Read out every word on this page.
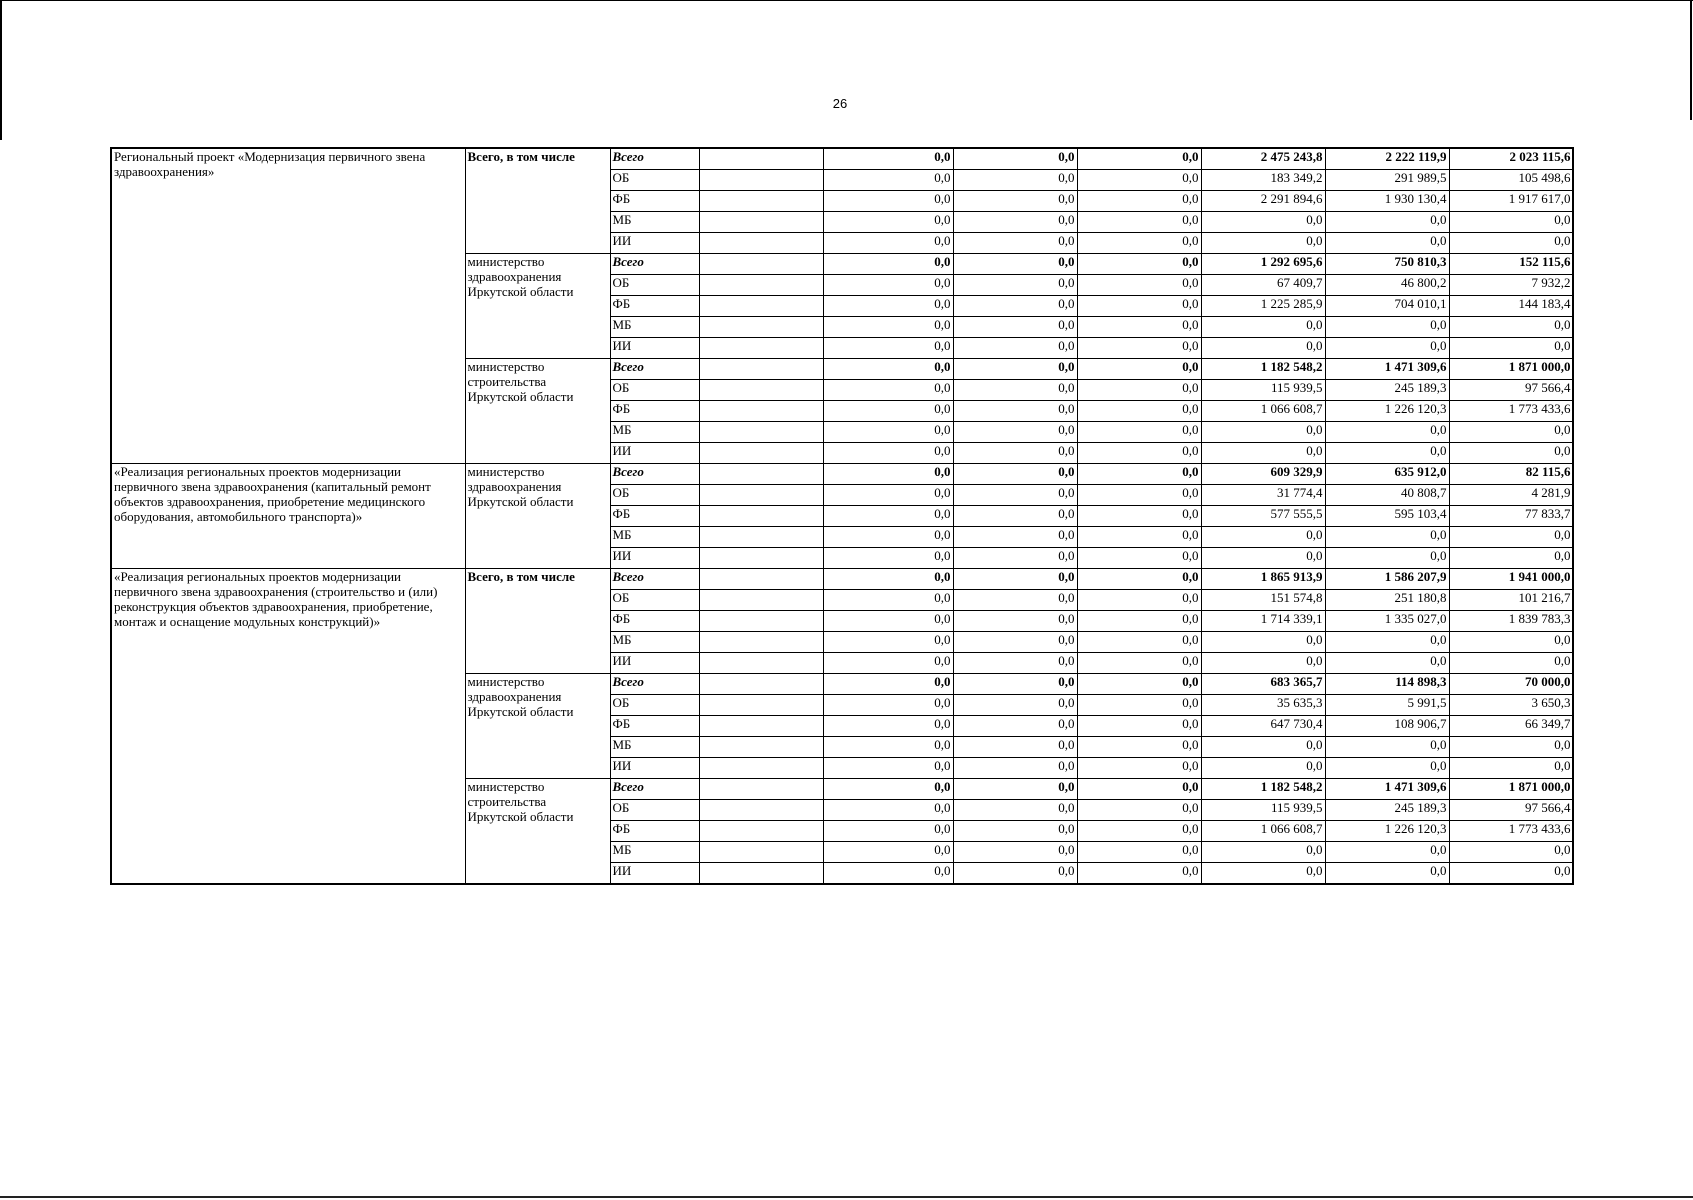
26
Региональный проект «Модернизация первичного звена здравоохранения»	Всего, в том числе	Всего		0,0	0,0	0,0	2 475 243,8	2 222 119,9	2 023 115,6	
		ОБ		0,0	0,0	0,0	183 349,2	291 989,5	105 498,6	
		ФБ		0,0	0,0	0,0	2 291 894,6	1 930 130,4	1 917 617,0	
		МБ		0,0	0,0	0,0	0,0	0,0	0,0	
		ИИ		0,0	0,0	0,0	0,0	0,0	0,0	
	министерство здравоохранения Иркутской области	Всего		0,0	0,0	0,0	1 292 695,6	750 810,3	152 115,6	
		ОБ		0,0	0,0	0,0	67 409,7	46 800,2	7 932,2	
		ФБ		0,0	0,0	0,0	1 225 285,9	704 010,1	144 183,4	
		МБ		0,0	0,0	0,0	0,0	0,0	0,0	
		ИИ		0,0	0,0	0,0	0,0	0,0	0,0	
	министерство строительства Иркутской области	Всего		0,0	0,0	0,0	1 182 548,2	1 471 309,6	1 871 000,0	
		ОБ		0,0	0,0	0,0	115 939,5	245 189,3	97 566,4	
		ФБ		0,0	0,0	0,0	1 066 608,7	1 226 120,3	1 773 433,6	
		МБ		0,0	0,0	0,0	0,0	0,0	0,0	
		ИИ		0,0	0,0	0,0	0,0	0,0	0,0	
«Реализация региональных проектов модернизации первичного звена здравоохранения (капитальный ремонт объектов здравоохранения, приобретение медицинского оборудования, автомобильного транспорта)»	министерство здравоохранения Иркутской области	Всего		0,0	0,0	0,0	609 329,9	635 912,0	82 115,6	
		ОБ		0,0	0,0	0,0	31 774,4	40 808,7	4 281,9	
		ФБ		0,0	0,0	0,0	577 555,5	595 103,4	77 833,7	
		МБ		0,0	0,0	0,0	0,0	0,0	0,0	
		ИИ		0,0	0,0	0,0	0,0	0,0	0,0	
«Реализация региональных проектов модернизации первичного звена здравоохранения (строительство и (или) реконструкция объектов здравоохранения, приобретение, монтаж и оснащение модульных конструкций)»	Всего, в том числе	Всего		0,0	0,0	0,0	1 865 913,9	1 586 207,9	1 941 000,0	
		ОБ		0,0	0,0	0,0	151 574,8	251 180,8	101 216,7	
		ФБ		0,0	0,0	0,0	1 714 339,1	1 335 027,0	1 839 783,3	
		МБ		0,0	0,0	0,0	0,0	0,0	0,0	
		ИИ		0,0	0,0	0,0	0,0	0,0	0,0	
	министерство здравоохранения Иркутской области	Всего		0,0	0,0	0,0	683 365,7	114 898,3	70 000,0	
		ОБ		0,0	0,0	0,0	35 635,3	5 991,5	3 650,3	
		ФБ		0,0	0,0	0,0	647 730,4	108 906,7	66 349,7	
		МБ		0,0	0,0	0,0	0,0	0,0	0,0	
		ИИ		0,0	0,0	0,0	0,0	0,0	0,0	
	министерство строительства Иркутской области	Всего		0,0	0,0	0,0	1 182 548,2	1 471 309,6	1 871 000,0	
		ОБ		0,0	0,0	0,0	115 939,5	245 189,3	97 566,4	
		ФБ		0,0	0,0	0,0	1 066 608,7	1 226 120,3	1 773 433,6	
		МБ		0,0	0,0	0,0	0,0	0,0	0,0	
		ИИ		0,0	0,0	0,0	0,0	0,0	0,0	
